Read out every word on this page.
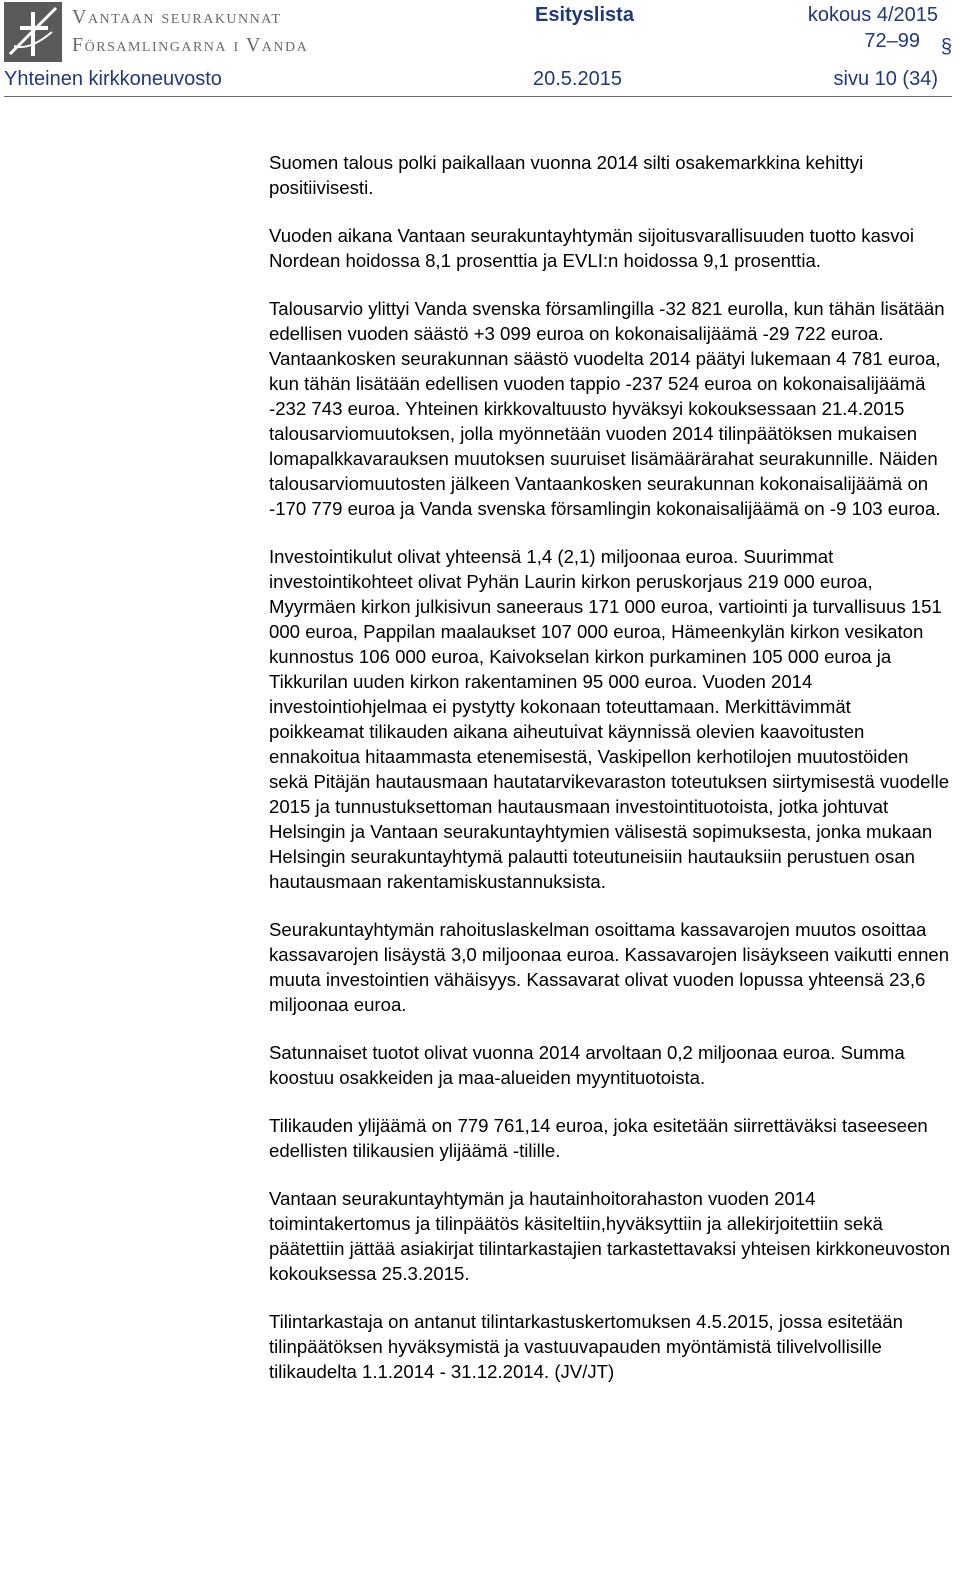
Vantaan seurakunnat
Församlingarna i Vanda
Esityslista	kokous 4/2015
72–99 §
Yhteinen kirkkoneuvosto	20.5.2015	sivu 10 (34)

Suomen talous polki paikallaan vuonna 2014 silti osakemarkkina kehittyi positiivisesti.

Vuoden aikana Vantaan seurakuntayhtymän sijoitusvarallisuuden tuotto kasvoi Nordean hoidossa 8,1 prosenttia ja EVLI:n hoidossa 9,1 prosenttia.

Talousarvio ylittyi Vanda svenska församlingilla -32 821 eurolla, kun tähän lisätään edellisen vuoden säästö +3 099 euroa on kokonaisalijäämä -29 722 euroa. Vantaankosken seurakunnan säästö vuodelta 2014 päätyi lukemaan 4 781 euroa, kun tähän lisätään edellisen vuoden tappio -237 524 euroa on kokonaisalijäämä -232 743 euroa. Yhteinen kirkkovaltuusto hyväksyi kokouksessaan 21.4.2015 talousarviomuutoksen, jolla myönnetään vuoden 2014 tilinpäätöksen mukaisen lomapalkkavarauksen muutoksen suuruiset lisämäärärahat seurakunnille. Näiden talousarviomuutosten jälkeen Vantaankosken seurakunnan kokonaisalijäämä on -170 779 euroa ja Vanda svenska församlingin kokonaisalijäämä on -9 103 euroa.

Investointikulut olivat yhteensä 1,4 (2,1) miljoonaa euroa. Suurimmat investointikohteet olivat Pyhän Laurin kirkon peruskorjaus 219 000 euroa, Myyrmäen kirkon julkisivun saneeraus 171 000 euroa, vartiointi ja turvallisuus 151 000 euroa, Pappilan maalaukset 107 000 euroa, Hämeenkylän kirkon vesikaton kunnostus 106 000 euroa, Kaivokselan kirkon purkaminen 105 000 euroa ja Tikkurilan uuden kirkon rakentaminen 95 000 euroa. Vuoden 2014 investointiohjelmaa ei pystytty kokonaan toteuttamaan. Merkittävimmät poikkeamat tilikauden aikana aiheutuivat käynnissä olevien kaavoitusten ennakoitua hitaammasta etenemisestä, Vaskipellon kerhotilojen muutostöiden sekä Pitäjän hautausmaan hautatarvikevaraston toteutuksen siirtymisestä vuodelle 2015 ja tunnustuksettoman hautausmaan investointituotoista, jotka johtuvat Helsingin ja Vantaan seurakuntayhtymien välisestä sopimuksesta, jonka mukaan Helsingin seurakuntayhtymä palautti toteutuneisiin hautauksiin perustuen osan hautausmaan rakentamiskustannuksista.

Seurakuntayhtymän rahoituslaskelman osoittama kassavarojen muutos osoittaa kassavarojen lisäystä 3,0 miljoonaa euroa. Kassavarojen lisäykseen vaikutti ennen muuta investointien vähäisyys. Kassavarat olivat vuoden lopussa yhteensä 23,6 miljoonaa euroa.

Satunnaiset tuotot olivat vuonna 2014 arvoltaan 0,2 miljoonaa euroa. Summa koostuu osakkeiden ja maa-alueiden myyntituotoista.

Tilikauden ylijäämä on 779 761,14 euroa, joka esitetään siirrettäväksi taseeseen edellisten tilikausien ylijäämä -tilille.

Vantaan seurakuntayhtymän ja hautainhoitorahaston vuoden 2014 toimintakertomus ja tilinpäätös käsiteltiin,hyväksyttiin ja allekirjoitettiin sekä päätettiin jättää asiakirjat tilintarkastajien tarkastettavaksi yhteisen kirkkoneuvoston kokouksessa 25.3.2015.

Tilintarkastaja on antanut tilintarkastuskertomuksen 4.5.2015, jossa esitetään tilinpäätöksen hyväksymistä ja vastuuvapauden myöntämistä tilivelvollisille tilikaudelta 1.1.2014 - 31.12.2014. (JV/JT)
